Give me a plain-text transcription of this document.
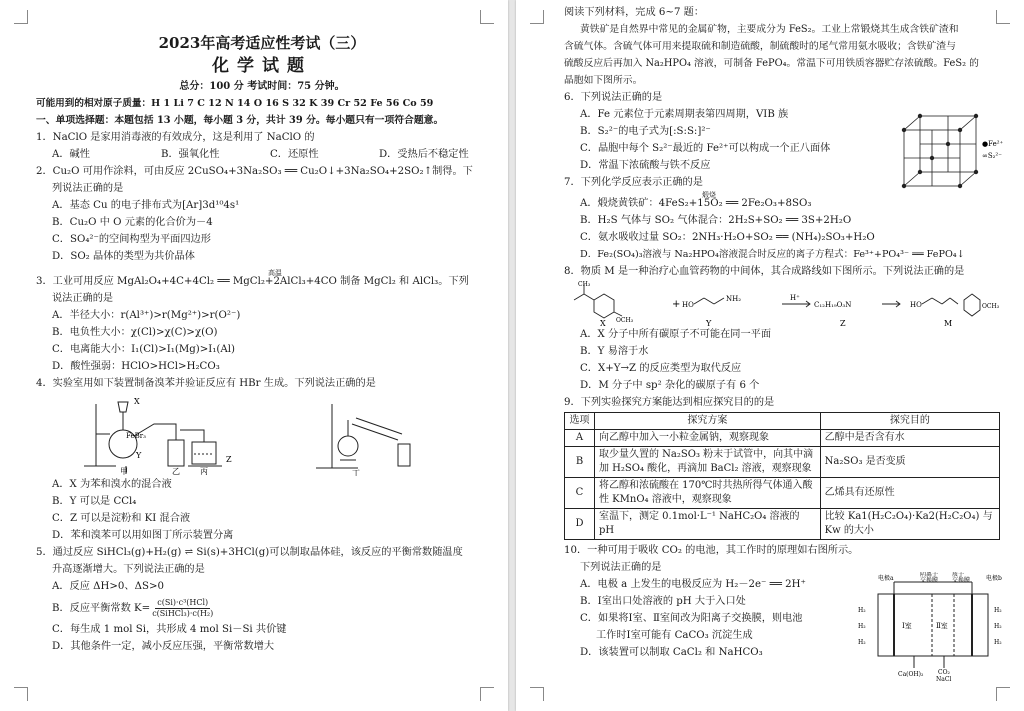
2023年高考适应性考试（三）
化学试题
总分：100 分 考试时间：75 分钟。
可能用到的相对原子质量：H 1 Li 7 C 12 N 14 O 16 S 32 K 39 Cr 52 Fe 56 Co 59
一、单项选择题：本题包括 13 小题，每小题 3 分，共计 39 分。每小题只有一项符合题意。
1．NaClO 是家用消毒液的有效成分，这是利用了 NaClO 的
A．碱性	B．强氧化性	C．还原性	D．受热后不稳定性
2．Cu₂O 可用作涂料，可由反应 2CuSO₄+3Na₂SO₃ ══ Cu₂O↓+3Na₂SO₄+2SO₂↑制得。下
列说法正确的是
A．基态 Cu 的电子排布式为[Ar]3d¹⁰4s¹
B．Cu₂O 中 O 元素的化合价为－4
C．SO₄²⁻的空间构型为平面四边形
D．SO₂ 晶体的类型为共价晶体
3．工业可用反应 MgAl₂O₄+4C+4Cl₂ ══ MgCl₂+2AlCl₃+4CO 制备 MgCl₂ 和 AlCl₃。下列
高温
说法正确的是
A．半径大小：r(Al³⁺)>r(Mg²⁺)>r(O²⁻)
B．电负性大小：χ(Cl)>χ(C)>χ(O)
C．电离能大小：I₁(Cl)>I₁(Mg)>I₁(Al)
D．酸性强弱：HClO>HCl>H₂CO₃
4．实验室用如下装置制备溴苯并验证反应有 HBr 生成。下列说法正确的是
X
FeBr₃
Y	Z
甲	乙	丙	丁
A．X 为苯和溴水的混合液
B．Y 可以是 CCl₄
C．Z 可以是淀粉和 KI 混合液
D．苯和溴苯可以用如图丁所示装置分离
5．通过反应 SiHCl₃(g)+H₂(g) ⇌ Si(s)+3HCl(g)可以制取晶体硅，该反应的平衡常数随温度
升高逐渐增大。下列说法正确的是
A．反应 ΔH>0、ΔS>0
B．反应平衡常数 K=
c(Si)·c³(HCl)
c(SiHCl₃)·c(H₂)
C．每生成 1 mol Si，共形成 4 mol Si－Si 共价键
D．其他条件一定，减小反应压强，平衡常数增大
●Fe²⁺
∞S₂²⁻
电极a
阴离子
交换膜
质子
交换膜	电极b
H₂
H₂
H₂
H₂
H₂
H₂
Ⅰ室	Ⅱ室
Ca(OH)₂ CO₂
NaCl
阅读下列材料，完成 6~7 题：
黄铁矿是自然界中常见的金属矿物，主要成分为 FeS₂。工业上常锻烧其生成含铁矿渣和
含硫气体。含硫气体可用来提取硫和制造硫酸，制硫酸时的尾气常用氨水吸收；含铁矿渣与
硫酸反应后再加入 Na₂HPO₄ 溶液，可制备 FePO₄。常温下可用铁质容器贮存浓硫酸。FeS₂ 的
晶胞如下图所示。
6．下列说法正确的是
A．Fe 元素位于元素周期表第四周期，VIB 族
B．S₂²⁻的电子式为[:S:S:]²⁻
C．晶胞中每个 S₂²⁻最近的 Fe²⁺可以构成一个正八面体
D．常温下浓硫酸与铁不反应
7．下列化学反应表示正确的是
A．煅烧黄铁矿：4FeS₂+15O₂ ══ 2Fe₂O₃+8SO₃
煅烧
B．H₂S 气体与 SO₂ 气体混合：2H₂S+SO₂ ══ 3S+2H₂O
C．氨水吸收过量 SO₂：2NH₃·H₂O+SO₂ ══ (NH₄)₂SO₃+H₂O
D．Fe₂(SO₄)₃溶液与 Na₂HPO₄溶液混合时反应的离子方程式：Fe³⁺+PO₄³⁻ ══ FePO₄↓
8．物质 M 是一种治疗心血管药物的中间体，其合成路线如下图所示。下列说法正确的是
CH₃
OCH₃
+ HO
NH₂	H⁺
C₁₂H₁₉O₃N	HO	OCH₃
X	Y	Z	M
A．X 分子中所有碳原子不可能在同一平面
B．Y 易溶于水
C．X+Y→Z 的反应类型为取代反应
D．M 分子中 sp² 杂化的碳原子有 6 个
9．下列实验探究方案能达到相应探究目的的是
选项	探究方案	探究目的
A	向乙醇中加入一小粒金属钠，观察现象	乙醇中是否含有水
B	取少量久置的 Na₂SO₃ 粉末于试管中，向其中滴加 H₂SO₄ 酸化，再滴加 BaCl₂ 溶液，观察现象	Na₂SO₃ 是否变质
C	将乙醇和浓硫酸在 170℃时共热所得气体通入酸性 KMnO₄ 溶液中，观察现象	乙烯具有还原性
D	室温下，测定 0.1mol·L⁻¹ NaHC₂O₄ 溶液的 pH	比较 Ka1(H₂C₂O₄)·Ka2(H₂C₂O₄) 与 Kw 的大小
10．一种可用于吸收 CO₂ 的电池，其工作时的原理如右图所示。
下列说法正确的是
A．电极 a 上发生的电极反应为 H₂－2e⁻ ══ 2H⁺
B．Ⅰ室出口处溶液的 pH 大于入口处
C．如果将Ⅰ室、Ⅱ室间改为阳离子交换膜，则电池
工作时Ⅰ室可能有 CaCO₃ 沉淀生成
D．该装置可以制取 CaCl₂ 和 NaHCO₃
